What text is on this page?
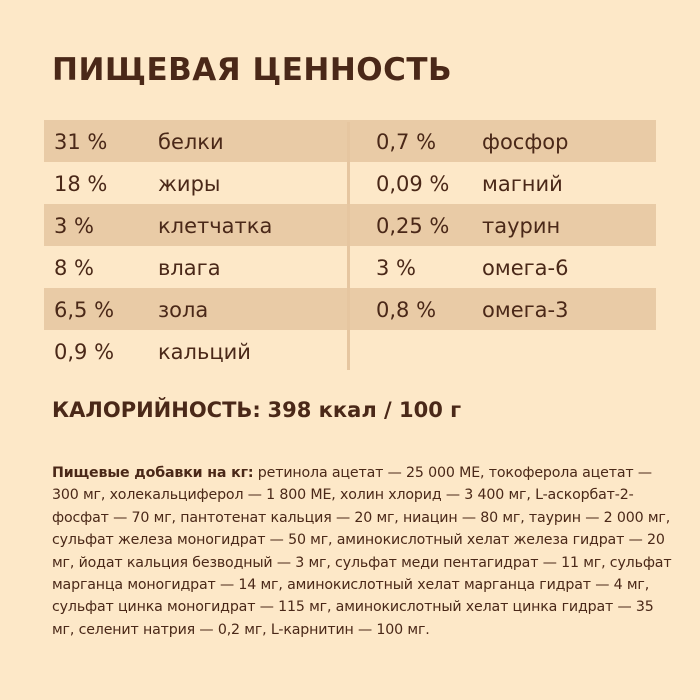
ПИЩЕВАЯ ЦЕННОСТЬ
31 % белки	0,7 % фосфор
18 % жиры	0,09 % магний
3 %	клетчатка	0,25 % таурин
8 %	влага	3 %	омега-6
6,5 % зола	0,8 % омега-3
0,9 % кальций
КАЛОРИЙНОСТЬ: 398 ккал / 100 г
Пищевые добавки на кг: ретинола ацетат — 25 000 МЕ, токоферола ацетат — 300 мг, холекальциферол — 1 800 МЕ, холин хлорид — 3 400 мг, L-аскорбат-2-фосфат — 70 мг, пантотенат кальция — 20 мг, ниацин — 80 мг, таурин — 2 000 мг, сульфат железа моногидрат — 50 мг, аминокислотный хелат железа гидрат — 20 мг, йодат кальция безводный — 3 мг, сульфат меди пентагидрат — 11 мг, сульфат марганца моногидрат — 14 мг, аминокислотный хелат марганца гидрат — 4 мг, сульфат цинка моногидрат — 115 мг, аминокислотный хелат цинка гидрат — 35 мг, селенит натрия — 0,2 мг, L-карнитин — 100 мг.
